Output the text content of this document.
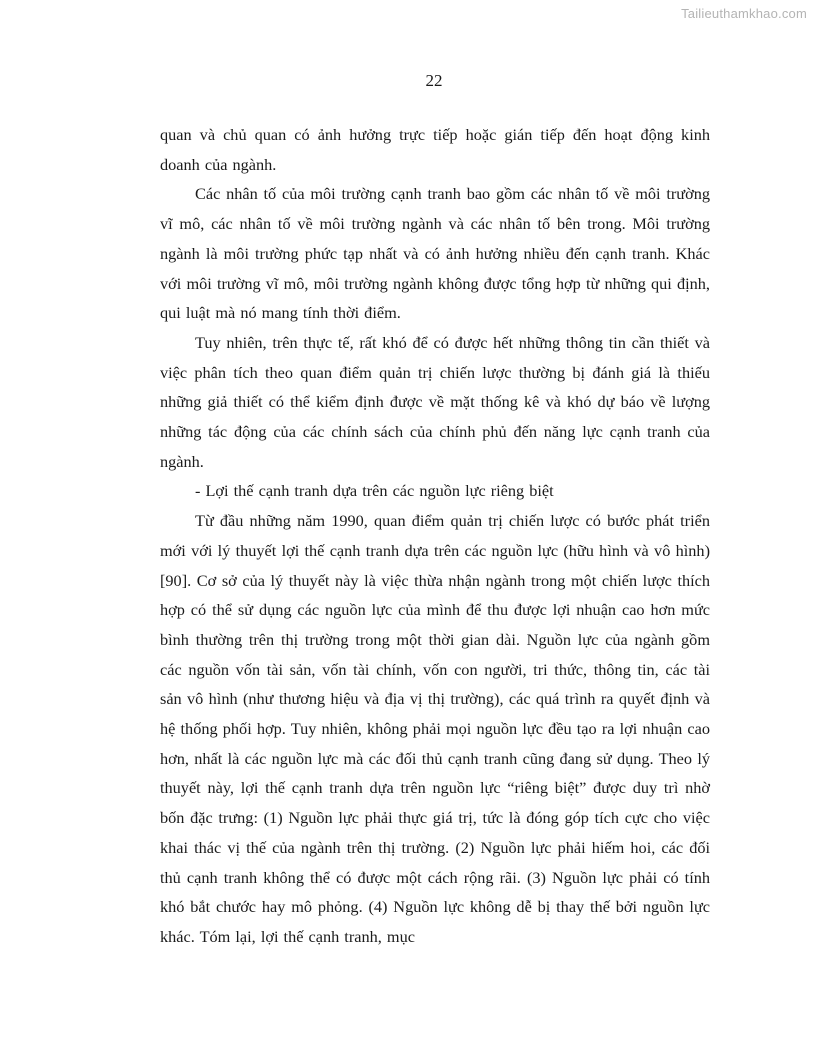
Tailieuthamkhao.com
22

quan và chủ quan có ảnh hưởng trực tiếp hoặc gián tiếp đến hoạt động kinh doanh của ngành.

Các nhân tố của môi trường cạnh tranh bao gồm các nhân tố về môi trường vĩ mô, các nhân tố về môi trường ngành và các nhân tố bên trong. Môi trường ngành là môi trường phức tạp nhất và có ảnh hưởng nhiều đến cạnh tranh. Khác với môi trường vĩ mô, môi trường ngành không được tổng hợp từ những qui định, qui luật mà nó mang tính thời điểm.

Tuy nhiên, trên thực tế, rất khó để có được hết những thông tin cần thiết và việc phân tích theo quan điểm quản trị chiến lược thường bị đánh giá là thiếu những giả thiết có thể kiểm định được về mặt thống kê và khó dự báo về lượng những tác động của các chính sách của chính phủ đến năng lực cạnh tranh của ngành.

- Lợi thế cạnh tranh dựa trên các nguồn lực riêng biệt

Từ đầu những năm 1990, quan điểm quản trị chiến lược có bước phát triển mới với lý thuyết lợi thế cạnh tranh dựa trên các nguồn lực (hữu hình và vô hình) [90]. Cơ sở của lý thuyết này là việc thừa nhận ngành trong một chiến lược thích hợp có thể sử dụng các nguồn lực của mình để thu được lợi nhuận cao hơn mức bình thường trên thị trường trong một thời gian dài. Nguồn lực của ngành gồm các nguồn vốn tài sản, vốn tài chính, vốn con người, tri thức, thông tin, các tài sản vô hình (như thương hiệu và địa vị thị trường), các quá trình ra quyết định và hệ thống phối hợp. Tuy nhiên, không phải mọi nguồn lực đều tạo ra lợi nhuận cao hơn, nhất là các nguồn lực mà các đối thủ cạnh tranh cũng đang sử dụng. Theo lý thuyết này, lợi thế cạnh tranh dựa trên nguồn lực “riêng biệt” được duy trì nhờ bốn đặc trưng: (1) Nguồn lực phải thực giá trị, tức là đóng góp tích cực cho việc khai thác vị thế của ngành trên thị trường. (2) Nguồn lực phải hiếm hoi, các đối thủ cạnh tranh không thể có được một cách rộng rãi. (3) Nguồn lực phải có tính khó bắt chước hay mô phỏng. (4) Nguồn lực không dễ bị thay thế bởi nguồn lực khác. Tóm lại, lợi thế cạnh tranh, mục
